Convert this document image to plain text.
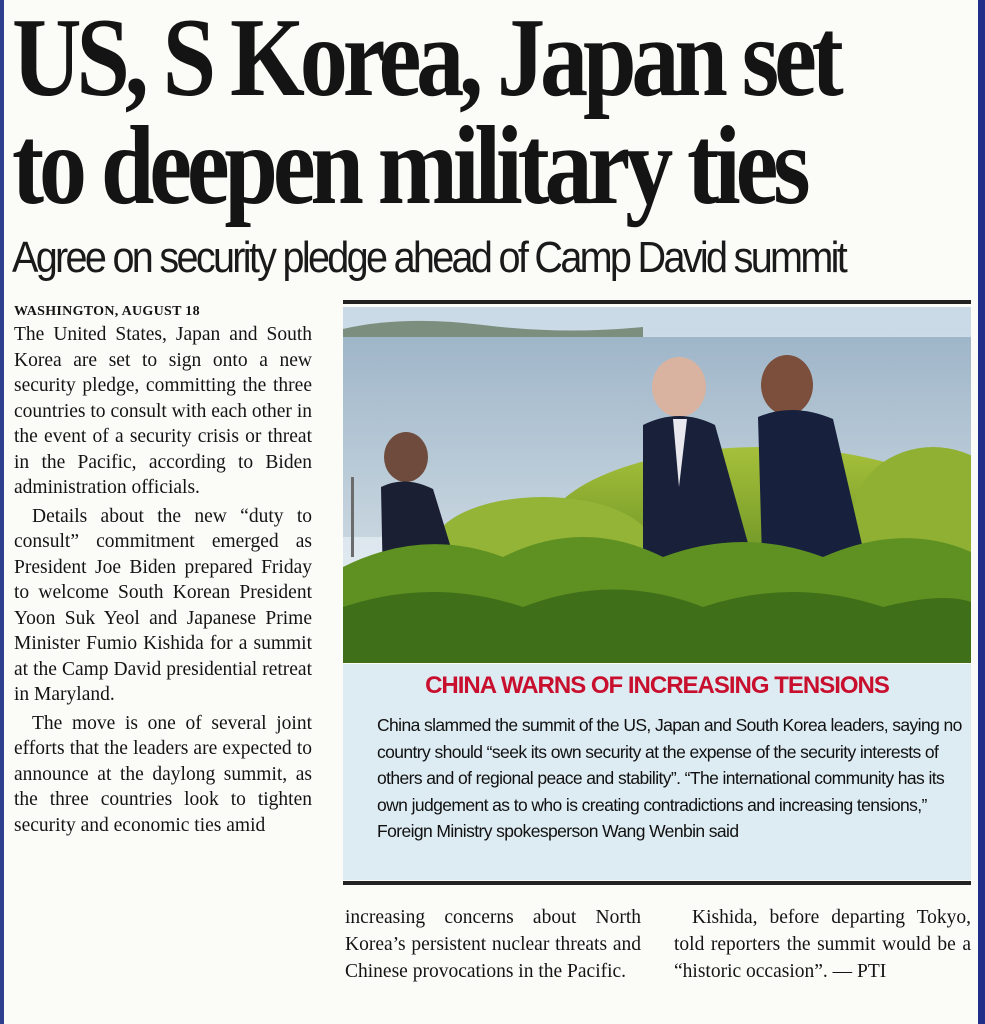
US, S Korea, Japan set
to deepen military ties
Agree on security pledge ahead of Camp David summit
WASHINGTON, AUGUST 18

The United States, Japan and South Korea are set to sign onto a new security pledge, committing the three countries to consult with each other in the event of a security crisis or threat in the Pacific, according to Biden administration officials.

Details about the new “duty to consult” commitment emerged as President Joe Biden prepared Friday to welcome South Korean President Yoon Suk Yeol and Japanese Prime Minister Fumio Kishida for a summit at the Camp David presidential retreat in Maryland.

The move is one of several joint efforts that the leaders are expected to announce at the daylong summit, as the three countries look to tighten security and economic ties amid

CHINA WARNS OF INCREASING TENSIONS
China slammed the summit of the US, Japan and South Korea leaders, saying no country should “seek its own security at the expense of the security interests of others and of regional peace and stability”. “The international community has its own judgement as to who is creating contradictions and increasing tensions,” Foreign Ministry spokesperson Wang Wenbin said

increasing concerns about North Korea’s persistent nuclear threats and Chinese provocations in the Pacific.

Kishida, before departing Tokyo, told reporters the summit would be a “historic occasion”. — PTI
